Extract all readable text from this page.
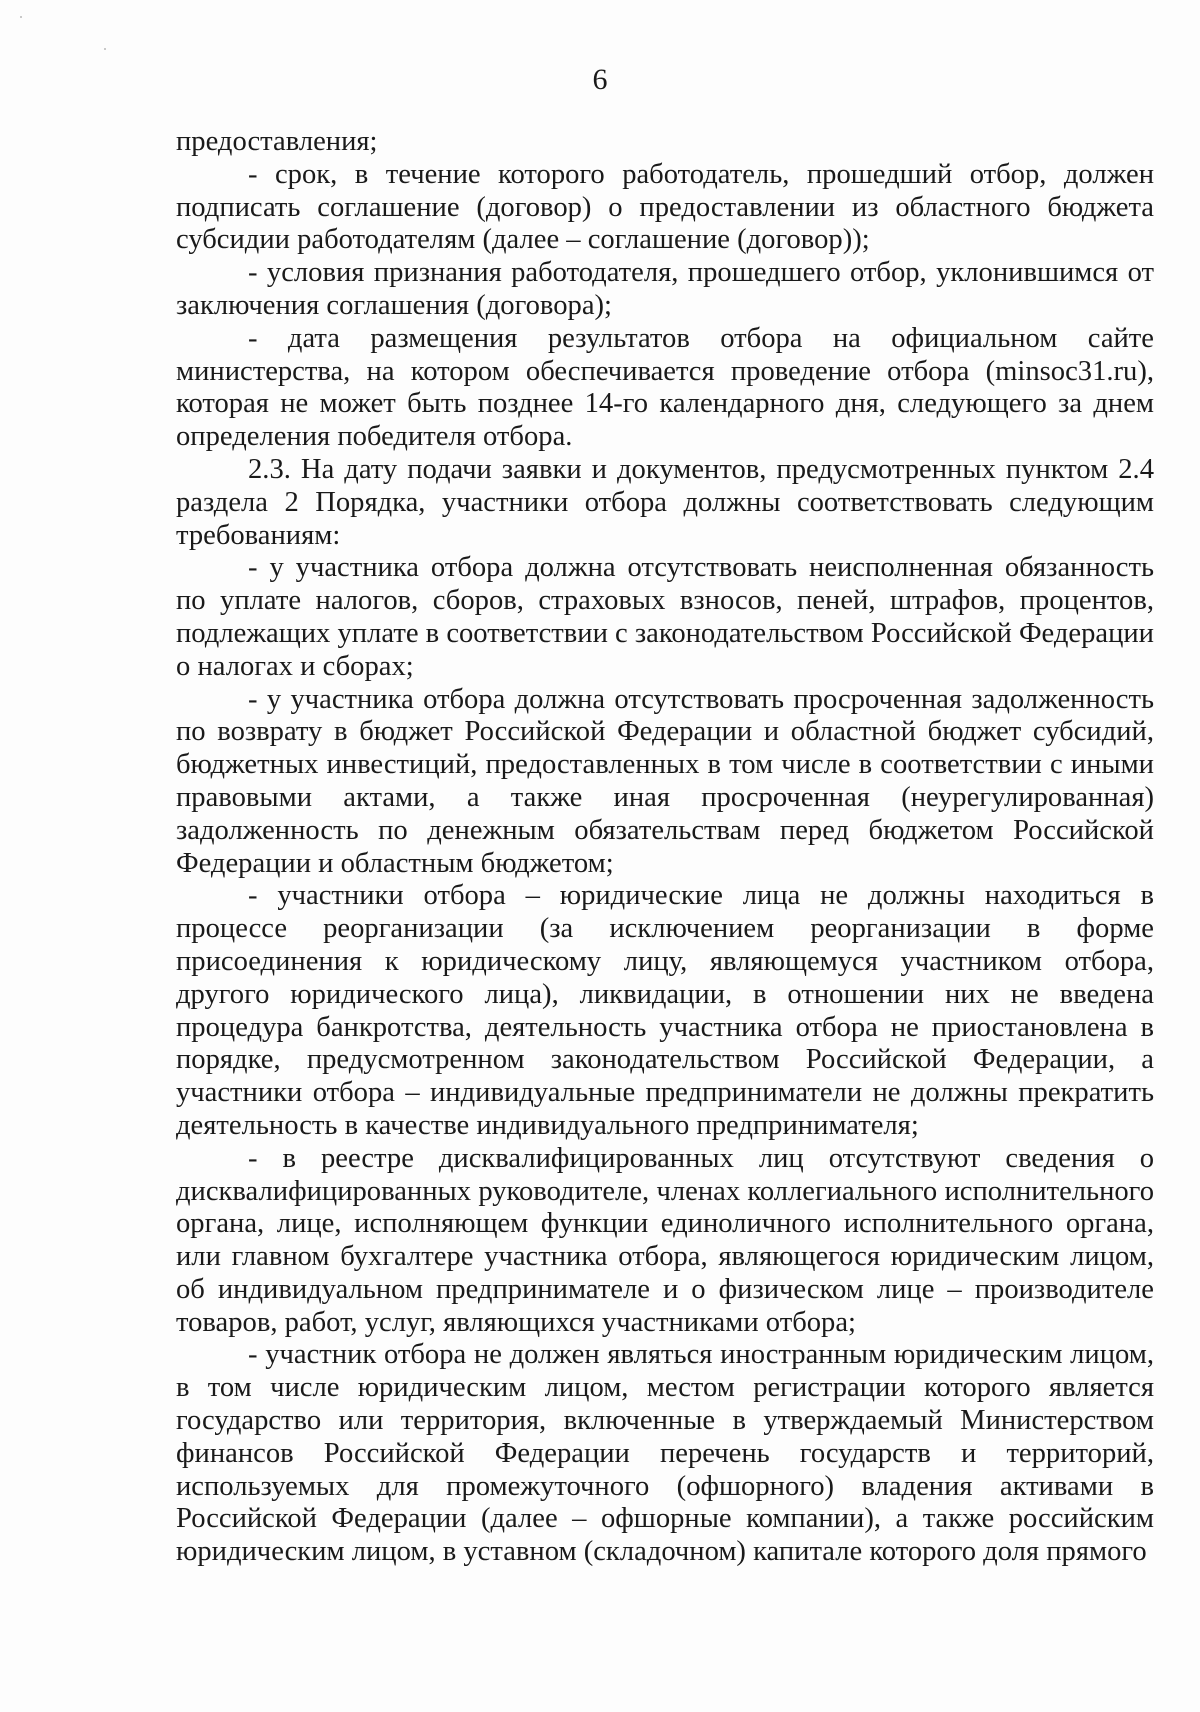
6

предоставления;

- срок, в течение которого работодатель, прошедший отбор, должен подписать соглашение (договор) о предоставлении из областного бюджета субсидии работодателям (далее – соглашение (договор));

- условия признания работодателя, прошедшего отбор, уклонившимся от заключения соглашения (договора);

- дата размещения результатов отбора на официальном сайте министерства, на котором обеспечивается проведение отбора (minsoc31.ru), которая не может быть позднее 14-го календарного дня, следующего за днем определения победителя отбора.

2.3. На дату подачи заявки и документов, предусмотренных пунктом 2.4 раздела 2 Порядка, участники отбора должны соответствовать следующим требованиям:

- у участника отбора должна отсутствовать неисполненная обязанность по уплате налогов, сборов, страховых взносов, пеней, штрафов, процентов, подлежащих уплате в соответствии с законодательством Российской Федерации о налогах и сборах;

- у участника отбора должна отсутствовать просроченная задолженность по возврату в бюджет Российской Федерации и областной бюджет субсидий, бюджетных инвестиций, предоставленных в том числе в соответствии с иными правовыми актами, а также иная просроченная (неурегулированная) задолженность по денежным обязательствам перед бюджетом Российской Федерации и областным бюджетом;

- участники отбора – юридические лица не должны находиться в процессе реорганизации (за исключением реорганизации в форме присоединения к юридическому лицу, являющемуся участником отбора, другого юридического лица), ликвидации, в отношении них не введена процедура банкротства, деятельность участника отбора не приостановлена в порядке, предусмотренном законодательством Российской Федерации, а участники отбора – индивидуальные предприниматели не должны прекратить деятельность в качестве индивидуального предпринимателя;

- в реестре дисквалифицированных лиц отсутствуют сведения о дисквалифицированных руководителе, членах коллегиального исполнительного органа, лице, исполняющем функции единоличного исполнительного органа, или главном бухгалтере участника отбора, являющегося юридическим лицом, об индивидуальном предпринимателе и о физическом лице – производителе товаров, работ, услуг, являющихся участниками отбора;

- участник отбора не должен являться иностранным юридическим лицом, в том числе юридическим лицом, местом регистрации которого является государство или территория, включенные в утверждаемый Министерством финансов Российской Федерации перечень государств и территорий, используемых для промежуточного (офшорного) владения активами в Российской Федерации (далее – офшорные компании), а также российским юридическим лицом, в уставном (складочном) капитале которого доля прямого
